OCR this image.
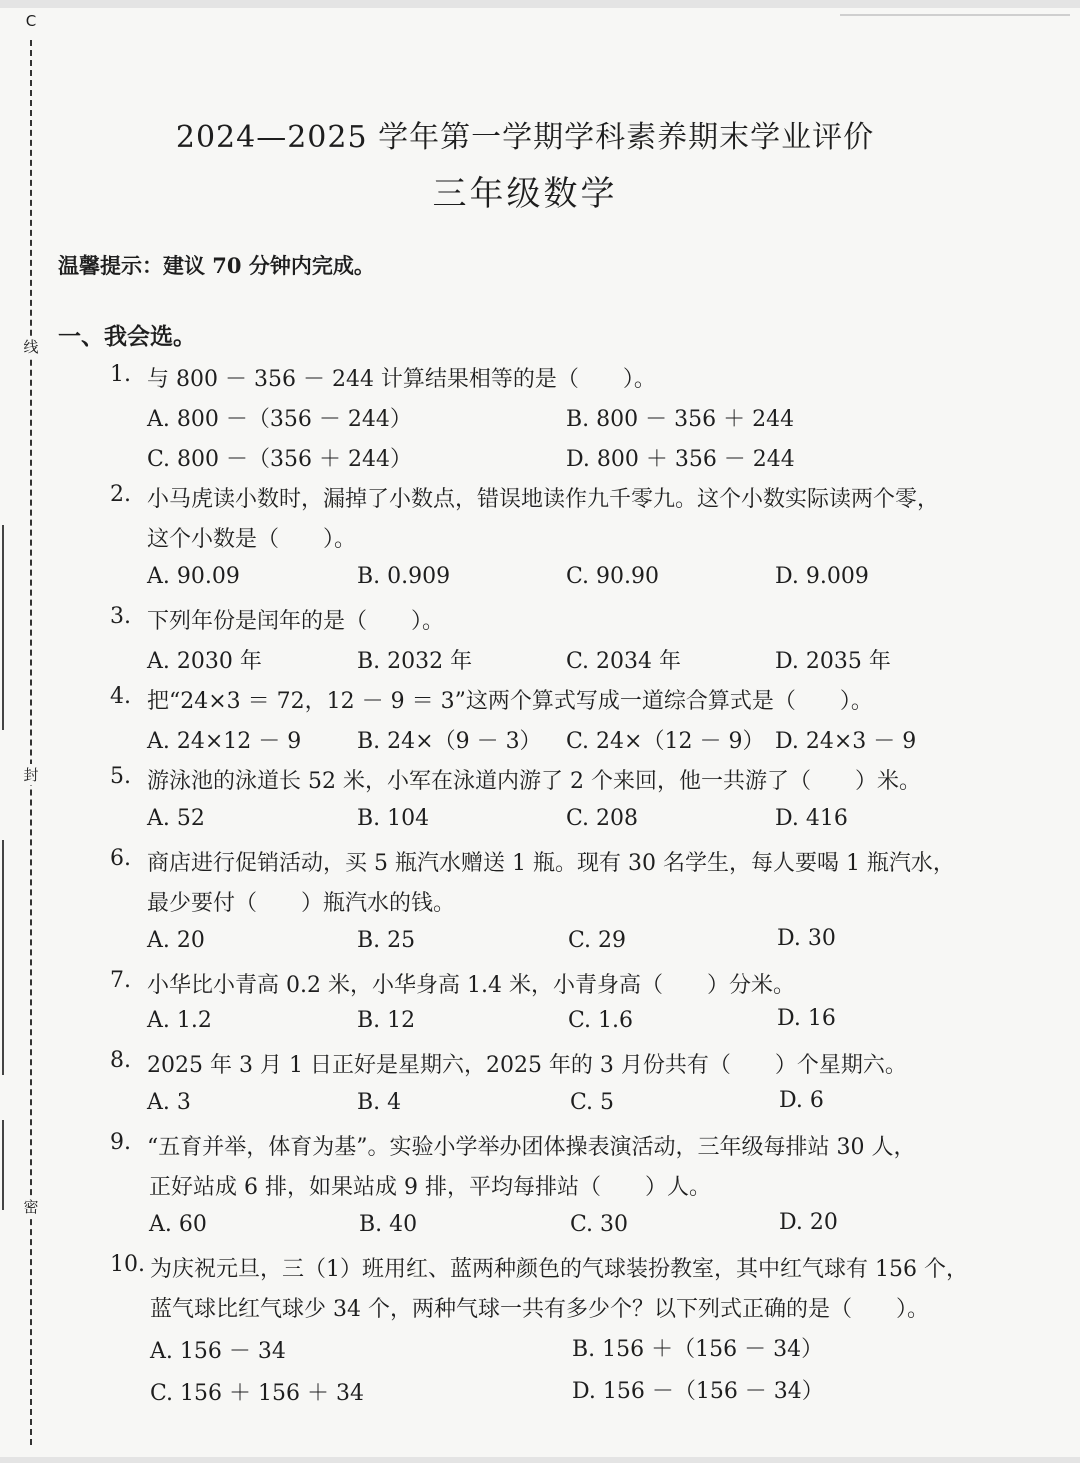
C
线
封
密
2024—2025 学年第一学期学科素养期末学业评价
三年级数学
温馨提示：建议 70 分钟内完成。
一、我会选。
1. 与 800 － 356 － 244 计算结果相等的是（　　）。
A. 800 －（356 － 244）	B. 800 － 356 ＋ 244
C. 800 －（356 ＋ 244）	D. 800 ＋ 356 － 244
2. 小马虎读小数时，漏掉了小数点，错误地读作九千零九。这个小数实际读两个零，
这个小数是（　　）。
A. 90.09	B. 0.909	C. 90.90	D. 9.009
3. 下列年份是闰年的是（　　）。
A. 2030 年	B. 2032 年	C. 2034 年	D. 2035 年
4. 把“24×3 ＝ 72，12 － 9 ＝ 3”这两个算式写成一道综合算式是（　　）。
A. 24×12 － 9	B. 24×（9 － 3） C. 24×（12 － 9） D. 24×3 － 9
5. 游泳池的泳道长 52 米，小军在泳道内游了 2 个来回，他一共游了（　　）米。
A. 52	B. 104	C. 208	D. 416
6. 商店进行促销活动，买 5 瓶汽水赠送 1 瓶。现有 30 名学生，每人要喝 1 瓶汽水，
最少要付（　　）瓶汽水的钱。
A. 20	B. 25	C. 29	D. 30
7. 小华比小青高 0.2 米，小华身高 1.4 米，小青身高（　　）分米。
A. 1.2	B. 12	C. 1.6	D. 16
8. 2025 年 3 月 1 日正好是星期六，2025 年的 3 月份共有（　　）个星期六。
A. 3	B. 4	C. 5	D. 6
9. “五育并举，体育为基”。实验小学举办团体操表演活动，三年级每排站 30 人，
正好站成 6 排，如果站成 9 排，平均每排站（　　）人。
A. 60	B. 40	C. 30	D. 20
10. 为庆祝元旦，三（1）班用红、蓝两种颜色的气球装扮教室，其中红气球有 156 个，
蓝气球比红气球少 34 个，两种气球一共有多少个？以下列式正确的是（　　）。
A. 156 － 34	B. 156 ＋（156 － 34）
C. 156 ＋ 156 ＋ 34	D. 156 －（156 － 34）
